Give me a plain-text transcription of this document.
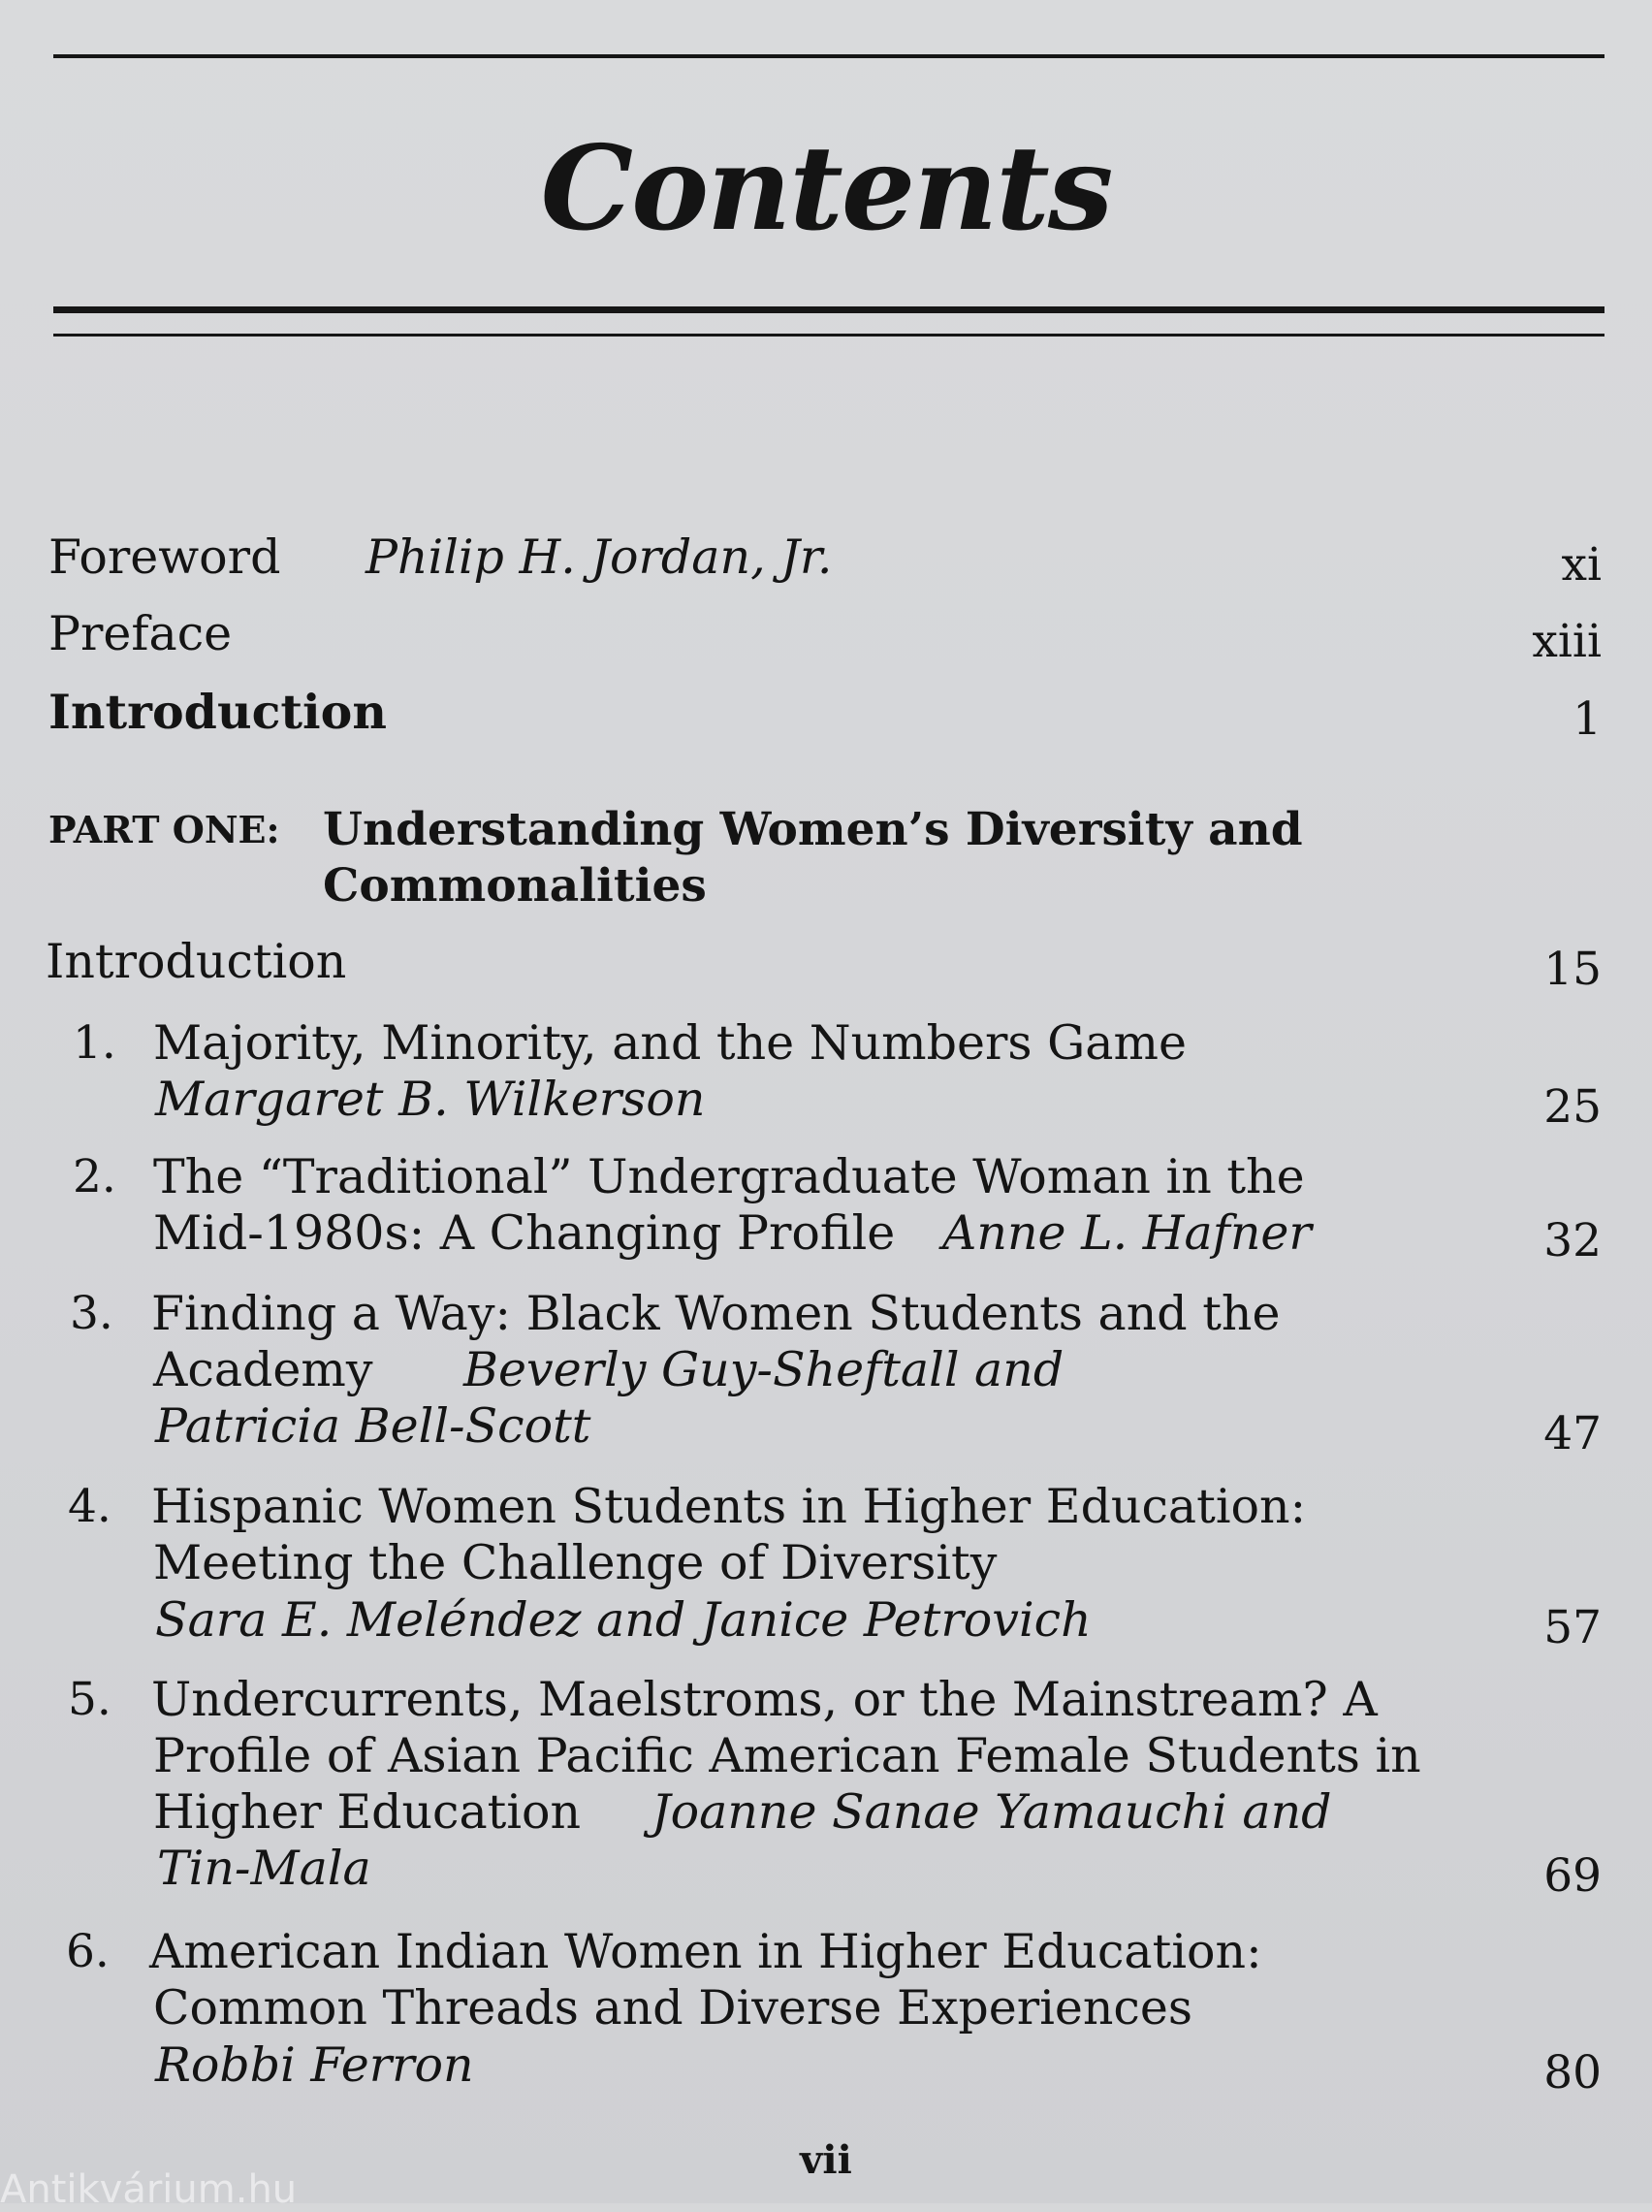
Contents
Foreword Philip H. Jordan, Jr.	xi
Preface	xiii
Introduction	1
PART ONE: Understanding Women’s Diversity and
Commonalities
Introduction	15
1. Majority, Minority, and the Numbers Game
Margaret B. Wilkerson	25
2. The “Traditional” Undergraduate Woman in the
Mid-1980s: A Changing Profile Anne L. Hafner	32
3. Finding a Way: Black Women Students and the
Academy Beverly Guy-Sheftall and
Patricia Bell-Scott	47
4. Hispanic Women Students in Higher Education:
Meeting the Challenge of Diversity
Sara E. Meléndez and Janice Petrovich	57
5. Undercurrents, Maelstroms, or the Mainstream? A
Profile of Asian Pacific American Female Students in
Higher Education Joanne Sanae Yamauchi and
Tin-Mala	69
6. American Indian Women in Higher Education:
Common Threads and Diverse Experiences
Robbi Ferron	80
vii
Antikvárium.hu
